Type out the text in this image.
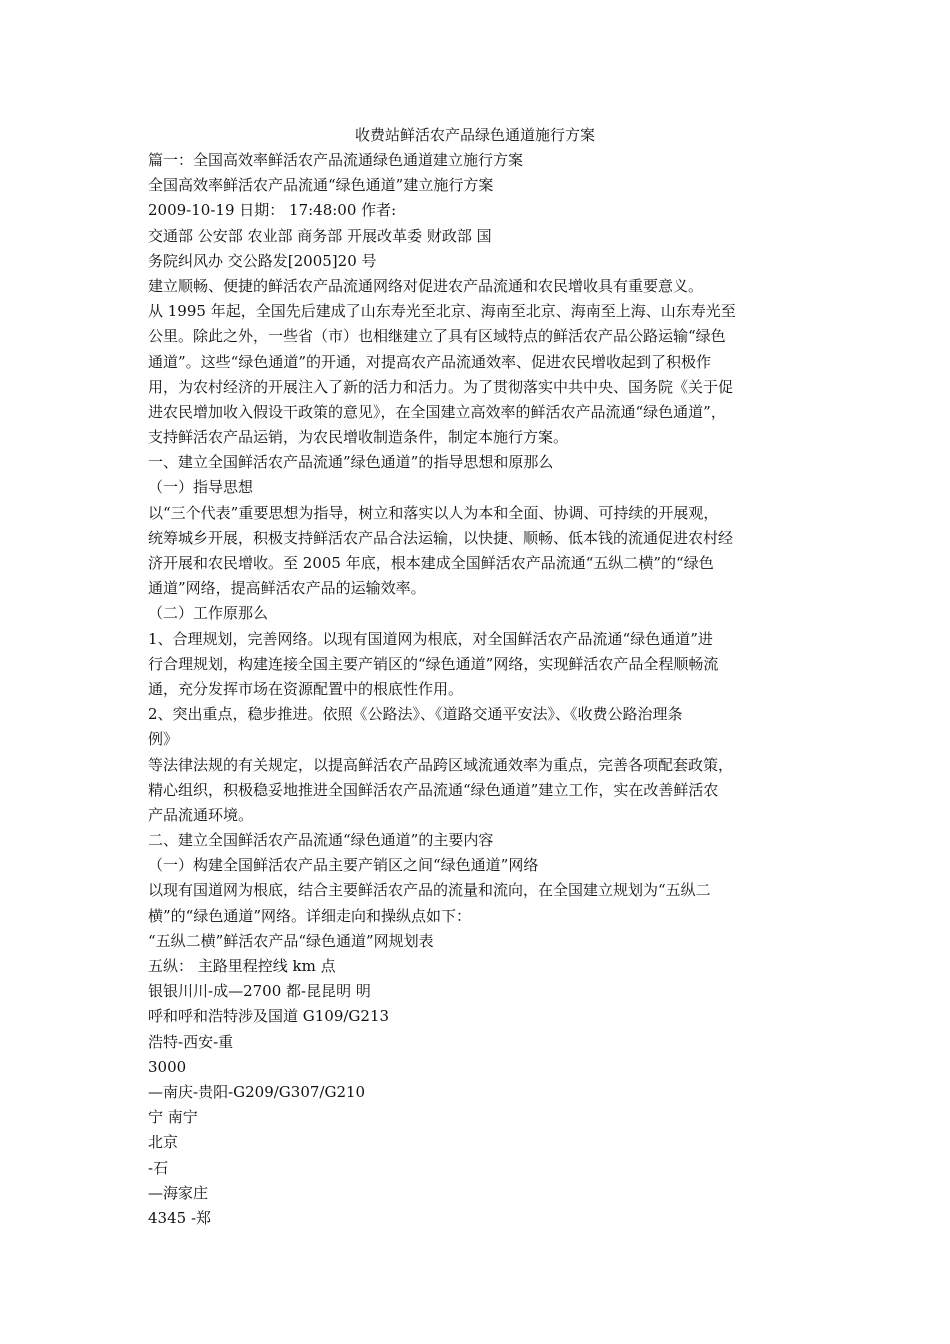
收费站鲜活农产品绿色通道施行方案
篇一：全国高效率鲜活农产品流通绿色通道建立施行方案
全国高效率鲜活农产品流通“绿色通道”建立施行方案
2009-10-19 日期： 17:48:00 作者:
交通部 公安部 农业部 商务部 开展改革委 财政部 国
务院纠风办 交公路发[2005]20 号
建立顺畅、便捷的鲜活农产品流通网络对促进农产品流通和农民增收具有重要意义。
从 1995 年起，全国先后建成了山东寿光至北京、海南至北京、海南至上海、山东寿光至
公里。除此之外，一些省（市）也相继建立了具有区域特点的鲜活农产品公路运输“绿色
通道”。这些“绿色通道”的开通，对提高农产品流通效率、促进农民增收起到了积极作
用，为农村经济的开展注入了新的活力和活力。为了贯彻落实中共中央、国务院《关于促
进农民增加收入假设干政策的意见》，在全国建立高效率的鲜活农产品流通“绿色通道”，
支持鲜活农产品运销，为农民增收制造条件，制定本施行方案。
一、建立全国鲜活农产品流通”绿色通道”的指导思想和原那么
（一）指导思想
以“三个代表”重要思想为指导，树立和落实以人为本和全面、协调、可持续的开展观，
统筹城乡开展，积极支持鲜活农产品合法运输，以快捷、顺畅、低本钱的流通促进农村经
济开展和农民增收。至 2005 年底，根本建成全国鲜活农产品流通“五纵二横”的“绿色
通道”网络，提高鲜活农产品的运输效率。
（二）工作原那么
1、合理规划，完善网络。以现有国道网为根底，对全国鲜活农产品流通“绿色通道”进
行合理规划，构建连接全国主要产销区的“绿色通道”网络，实现鲜活农产品全程顺畅流
通，充分发挥市场在资源配置中的根底性作用。
2、突出重点，稳步推进。依照《公路法》、《道路交通平安法》、《收费公路治理条
例》
等法律法规的有关规定，以提高鲜活农产品跨区域流通效率为重点，完善各项配套政策，
精心组织，积极稳妥地推进全国鲜活农产品流通“绿色通道”建立工作，实在改善鲜活农
产品流通环境。
二、建立全国鲜活农产品流通“绿色通道”的主要内容
（一）构建全国鲜活农产品主要产销区之间“绿色通道”网络
以现有国道网为根底，结合主要鲜活农产品的流量和流向，在全国建立规划为“五纵二
横”的“绿色通道”网络。详细走向和操纵点如下：
“五纵二横”鲜活农产品“绿色通道”网规划表
五纵： 主路里程控线 km 点
银银川川-成—2700 都-昆昆明 明
呼和呼和浩特涉及国道 G109/G213
浩特-西安-重
3000
—南庆-贵阳-G209/G307/G210
宁 南宁
北京
-石
—海家庄
4345 -郑
